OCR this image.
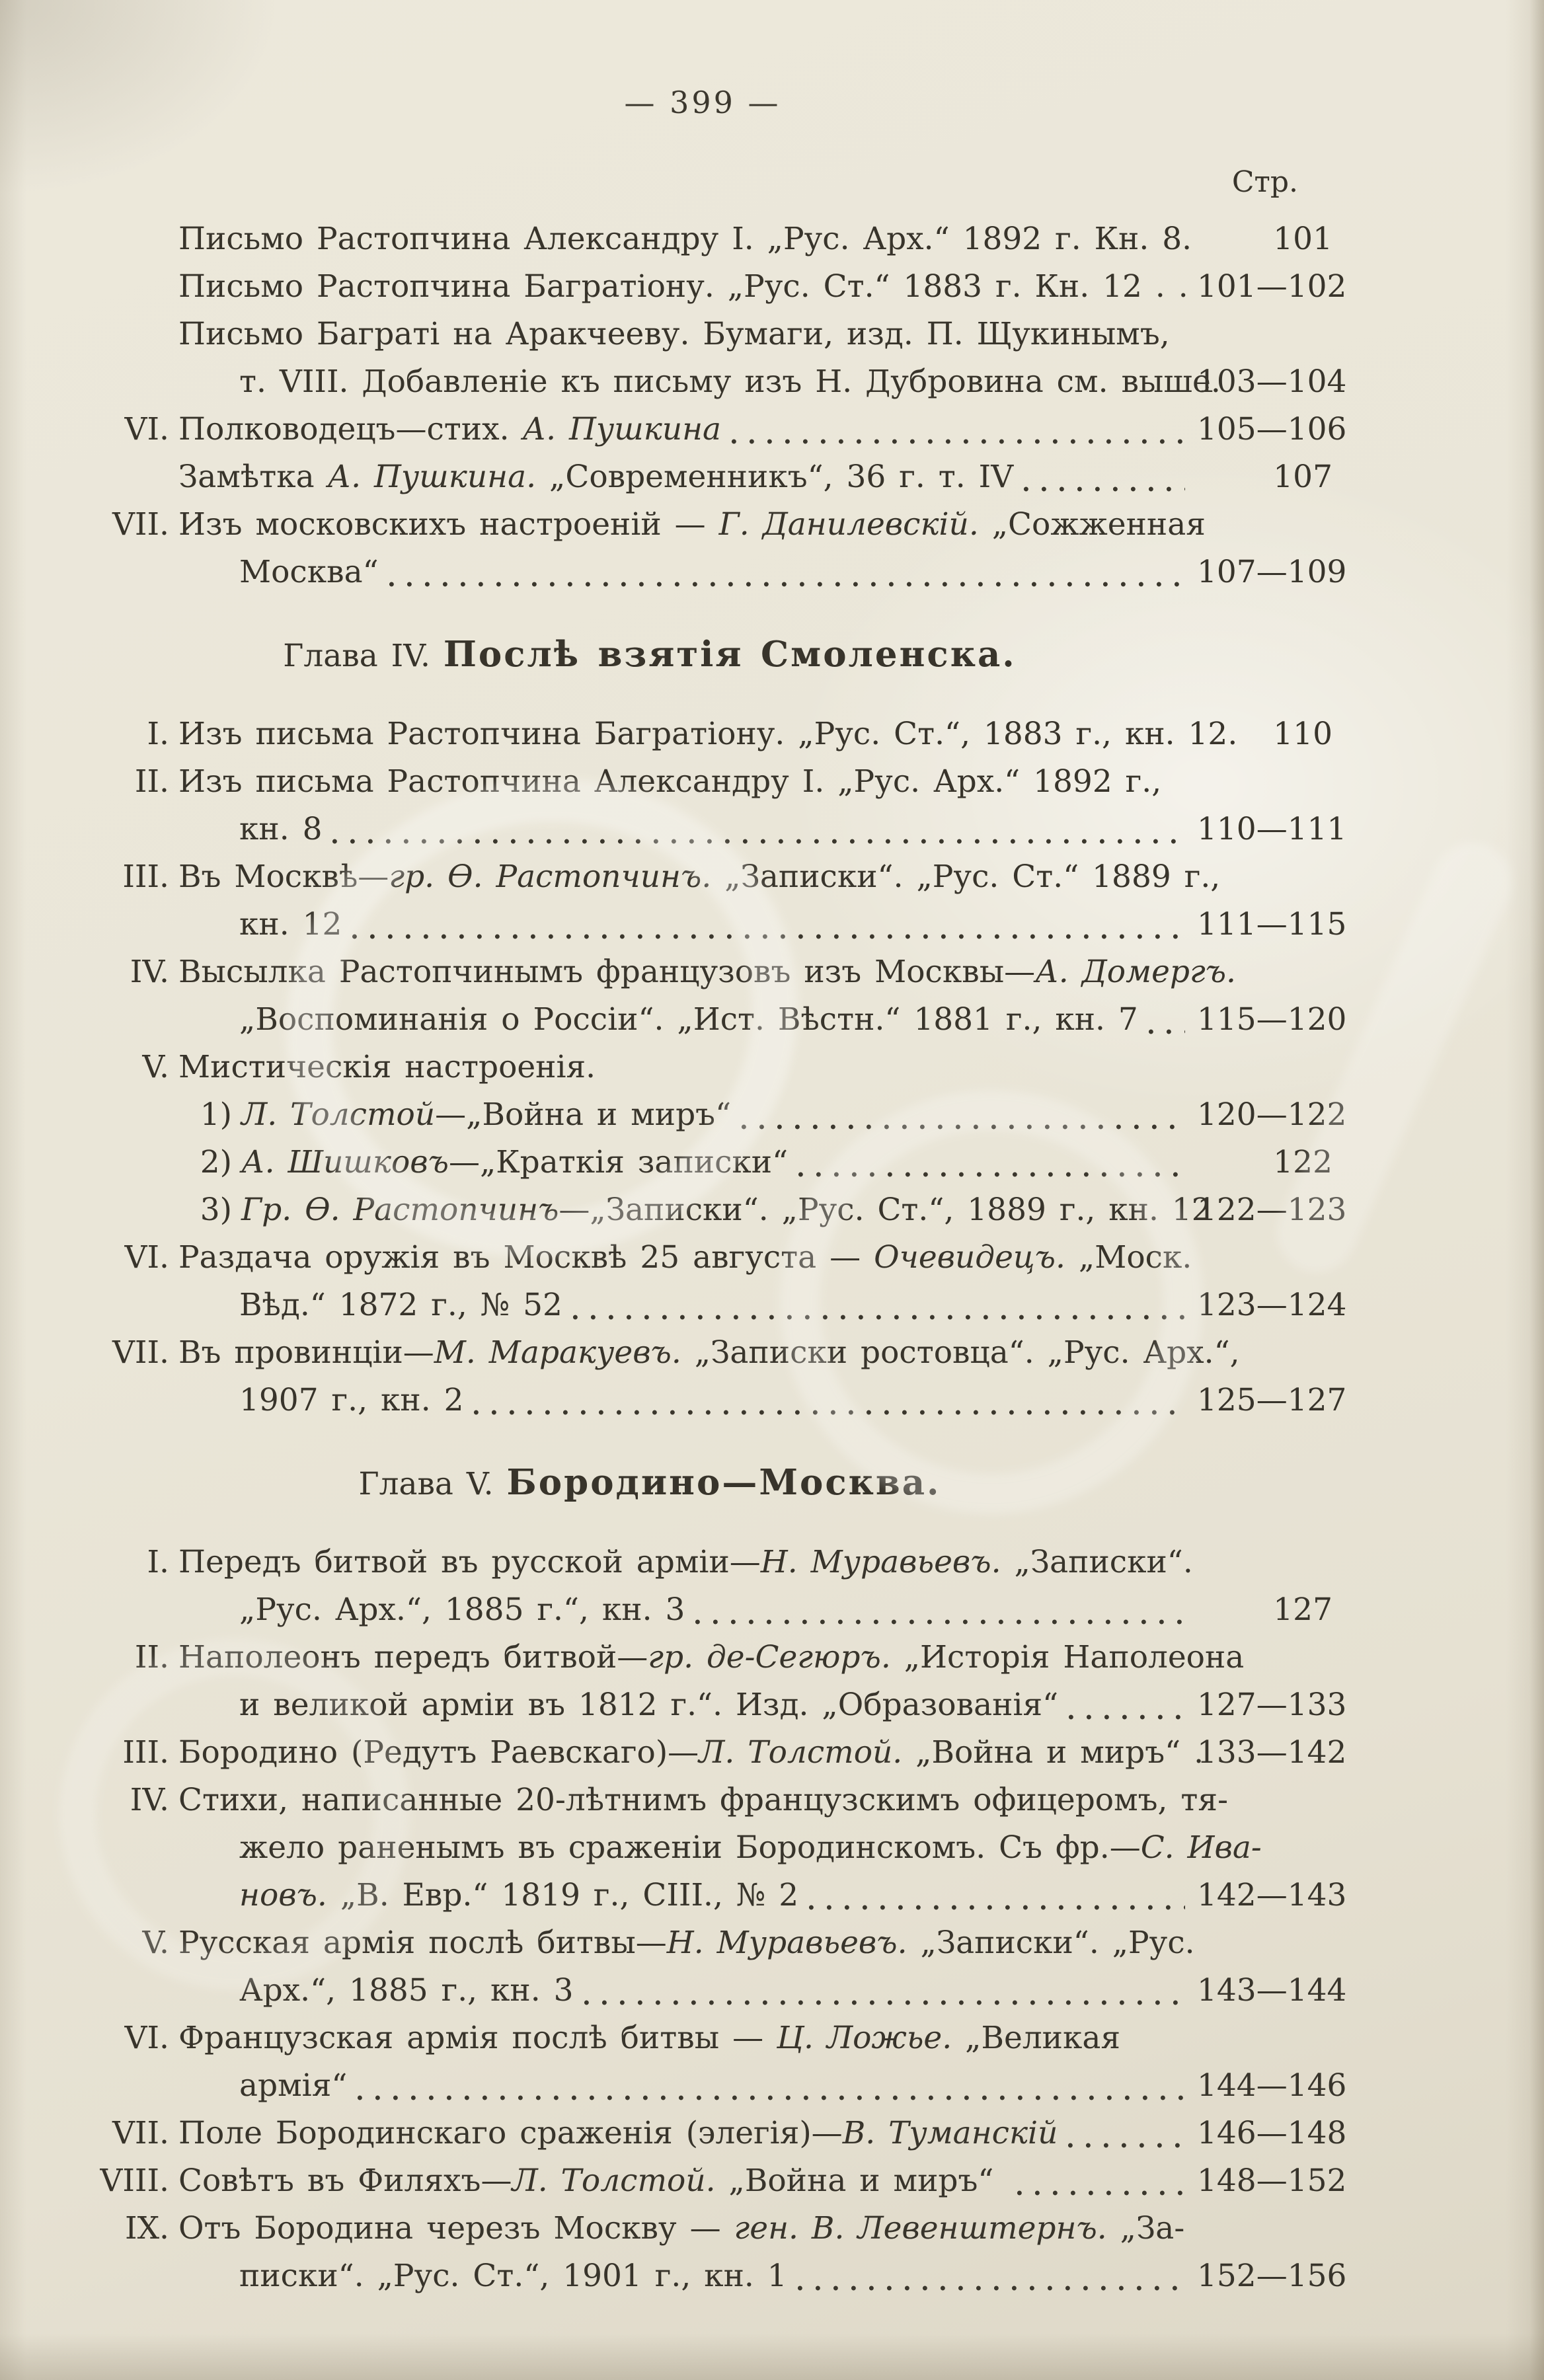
— 399 —
Стр.
Письмо Растопчина Александру I. „Рус. Арх.“ 1892 г. Кн. 8.	101
Письмо Растопчина Багратіону. „Рус. Ст.“ 1883 г. Кн. 12 . . 101—102
Письмо Баграті на Аракчееву. Бумаги, изд. П. Щукинымъ,
т. VIII. Добавленіе къ письму изъ Н. Дубровина см. выше.
103—104
VI. Полководецъ—стих. А. Пушкина	105—106
Замѣтка А. Пушкина. „Современникъ“, 36 г. т. IV	107
VII. Изъ московскихъ настроеній — Г. Данилевскій. „Сожженная
Москва“	107—109
Глава IV. Послѣ взятія Смоленска.
I. Изъ письма Растопчина Багратіону. „Рус. Ст.“, 1883 г., кн. 12.	110
II. Изъ письма Растопчина Александру I. „Рус. Арх.“ 1892 г.,
кн. 8	110—111
III. Въ Москвѣ—гр. Ѳ. Растопчинъ. „Записки“. „Рус. Ст.“ 1889 г.,
кн. 12	111—115
IV. Высылка Растопчинымъ французовъ изъ Москвы—А. Домергъ.
„Воспоминанія о Россіи“. „Ист. Вѣстн.“ 1881 г., кн. 7 115—120
V. Мистическія настроенія.
1) Л. Толстой—„Война и миръ“	120—122
2) А. Шишковъ—„Краткія записки“	122
3) Гр. Ѳ. Растопчинъ—„Записки“. „Рус. Ст.“, 1889 г., кн. 12
122—123
VI. Раздача оружія въ Москвѣ 25 августа — Очевидецъ. „Моск.
Вѣд.“ 1872 г., № 52	123—124
VII. Въ провинціи—М. Маракуевъ. „Записки ростовца“. „Рус. Арх.“,
1907 г., кн. 2	125—127
Глава V. Бородино—Москва.
I. Передъ битвой въ русской арміи—Н. Муравьевъ. „Записки“.
„Рус. Арх.“, 1885 г.“, кн. 3	127
II. Наполеонъ передъ битвой—гр. де-Сегюръ. „Исторія Наполеона
и великой арміи въ 1812 г.“. Изд. „Образованія“	127—133
III. Бородино (Редутъ Раевскаго)—Л. Толстой. „Война и миръ“ .
133—142
IV. Стихи, написанные 20-лѣтнимъ французскимъ офицеромъ, тя-
жело раненымъ въ сраженіи Бородинскомъ. Съ фр.—С. Ива-
новъ. „В. Евр.“ 1819 г., СIII., № 2	142—143
V. Русская армія послѣ битвы—Н. Муравьевъ. „Записки“. „Рус.
Арх.“, 1885 г., кн. 3	143—144
VI. Французская армія послѣ битвы — Ц. Ложье. „Великая
армія“	144—146
VII. Поле Бородинскаго сраженія (элегія)—В. Туманскій	146—148
VIII. Совѣтъ въ Филяхъ—Л. Толстой. „Война и миръ“	148—152
IX. Отъ Бородина черезъ Москву — ген. В. Левенштернъ. „За-
писки“. „Рус. Ст.“, 1901 г., кн. 1	152—156
